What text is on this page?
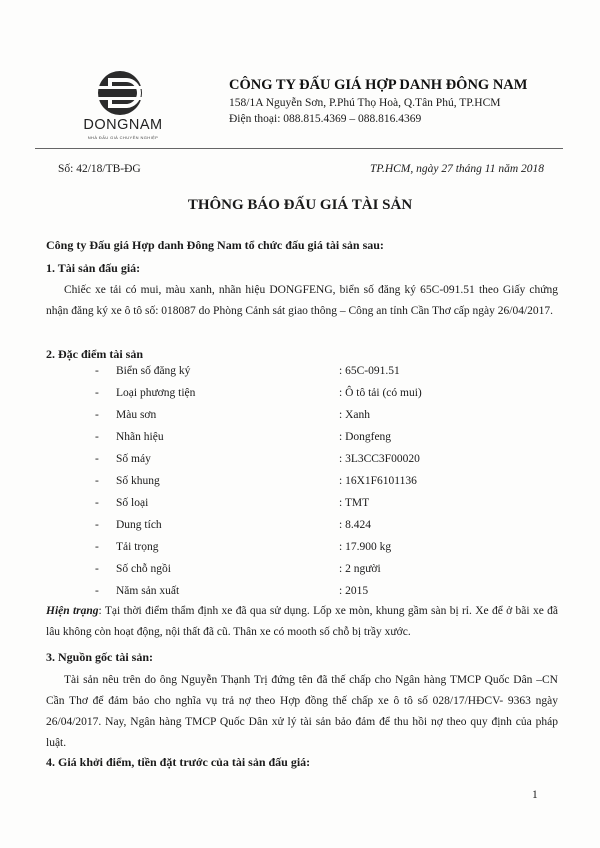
DONGNAM
NHÀ ĐẤU GIÁ CHUYÊN NGHIỆP
CÔNG TY ĐẤU GIÁ HỢP DANH ĐÔNG NAM
158/1A Nguyễn Sơn, P.Phú Thọ Hoà, Q.Tân Phú, TP.HCM
Điện thoại: 088.815.4369 – 088.816.4369
Số: 42/18/TB-ĐG	TP.HCM, ngày 27 tháng 11 năm 2018
THÔNG BÁO ĐẤU GIÁ TÀI SẢN
Công ty Đấu giá Hợp danh Đông Nam tổ chức đấu giá tài sản sau:
1. Tài sản đấu giá:
Chiếc xe tải có mui, màu xanh, nhãn hiệu DONGFENG, biển số đăng ký 65C-091.51 theo Giấy chứng nhận đăng ký xe ô tô số: 018087 do Phòng Cảnh sát giao thông – Công an tỉnh Cần Thơ cấp ngày 26/04/2017.
2. Đặc điểm tài sản
- Biển số đăng ký	: 65C-091.51
- Loại phương tiện	: Ô tô tải (có mui)
- Màu sơn	: Xanh
- Nhãn hiệu	: Dongfeng
- Số máy	: 3L3CC3F00020
- Số khung	: 16X1F6101136
- Số loại	: TMT
- Dung tích	: 8.424
- Tải trọng	: 17.900 kg
- Số chỗ ngồi	: 2 người
- Năm sản xuất	: 2015
Hiện trạng: Tại thời điểm thẩm định xe đã qua sử dụng. Lốp xe mòn, khung gầm sàn bị rỉ. Xe để ở bãi xe đã lâu không còn hoạt động, nội thất đã cũ. Thân xe có mooth số chỗ bị trầy xước.
3. Nguồn gốc tài sản:
Tài sản nêu trên do ông Nguyễn Thạnh Trị đứng tên đã thế chấp cho Ngân hàng TMCP Quốc Dân –CN Cần Thơ để đảm bảo cho nghĩa vụ trả nợ theo Hợp đồng thế chấp xe ô tô số 028/17/HĐCV- 9363 ngày 26/04/2017. Nay, Ngân hàng TMCP Quốc Dân xử lý tài sản bảo đảm để thu hồi nợ theo quy định của pháp luật.
4. Giá khởi điểm, tiền đặt trước của tài sản đấu giá:
1
